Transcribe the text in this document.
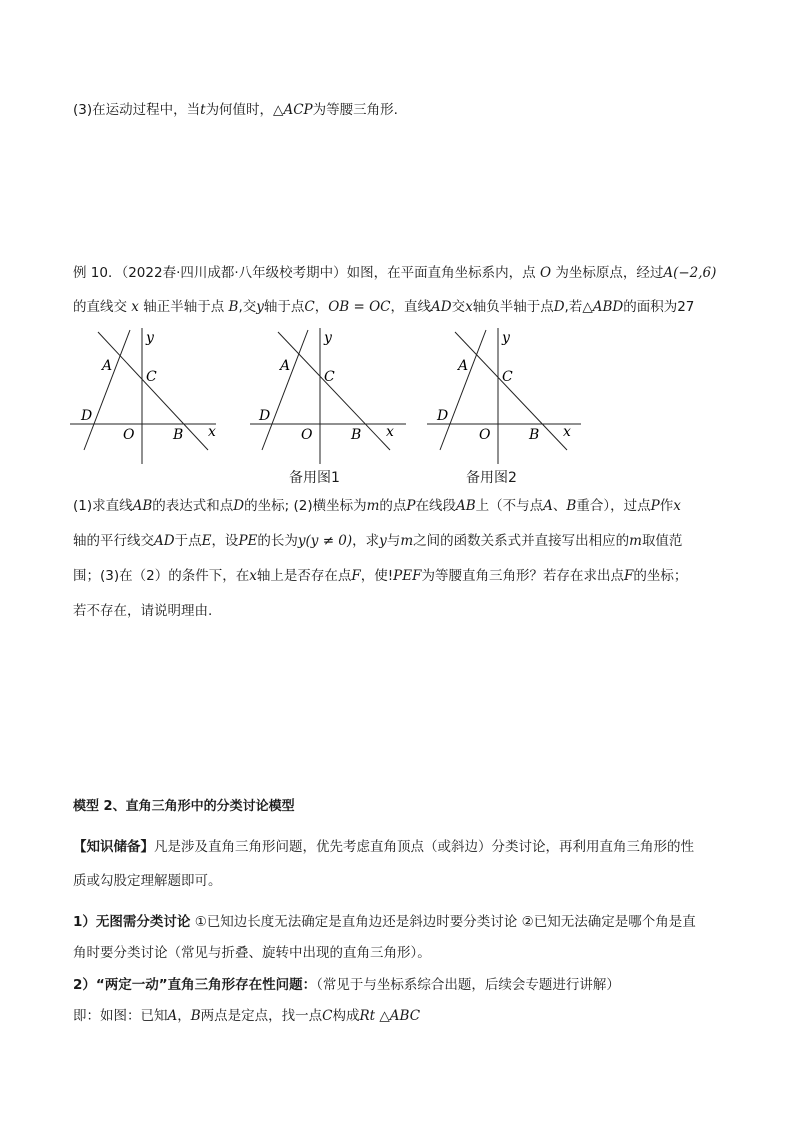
(3)在运动过程中，当t为何值时，△ACP为等腰三角形.
例 10．（2022春·四川成都·八年级校考期中）如图，在平面直角坐标系内，点 O 为坐标原点，经过A(−2,6)
的直线交 x 轴正半轴于点 B,交y轴于点C，OB = OC，直线AD交x轴负半轴于点D,若△ABD的面积为27
y
A
C
D
O	B x
y
A
C
D
O	B x
备用图1
y
A
C
D
O	B x
备用图2
(1)求直线AB的表达式和点D的坐标; (2)横坐标为m的点P在线段AB上（不与点A、B重合），过点P作x
轴的平行线交AD于点E，设PE的长为y(y ≠ 0)，求y与m之间的函数关系式并直接写出相应的m取值范
围；(3)在（2）的条件下，在x轴上是否存在点F，使!PEF为等腰直角三角形？若存在求出点F的坐标；
若不存在，请说明理由.
模型 2、直角三角形中的分类讨论模型
【知识储备】凡是涉及直角三角形问题，优先考虑直角顶点（或斜边）分类讨论，再利用直角三角形的性
质或勾股定理解题即可。
1）无图需分类讨论 ①已知边长度无法确定是直角边还是斜边时要分类讨论 ②已知无法确定是哪个角是直
角时要分类讨论（常见与折叠、旋转中出现的直角三角形）。
2）“两定一动”直角三角形存在性问题：（常见于与坐标系综合出题，后续会专题进行讲解）
即：如图：已知A，B两点是定点，找一点C构成Rt △ABC
